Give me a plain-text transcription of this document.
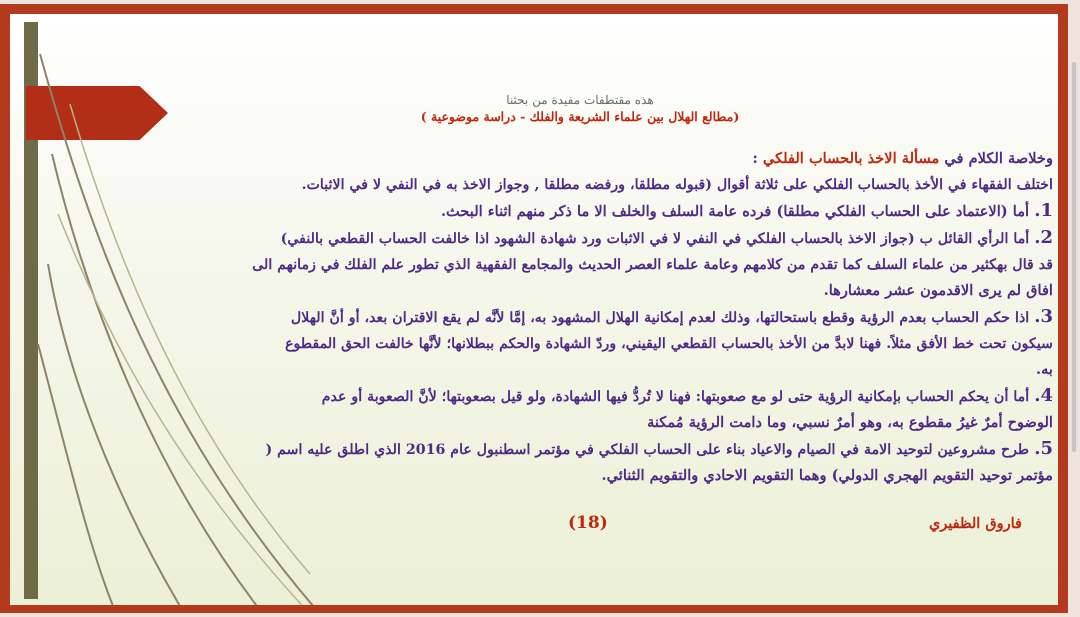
هذه مقتطفات مفيدة من بحثنا
(مطالع الهلال بين علماء الشريعة والفلك - دراسة موضوعية )
وخلاصة الكلام في مسألة الاخذ بالحساب الفلكي :
اختلف الفقهاء في الأخذ بالحساب الفلكي على ثلاثة أقوال (قبوله مطلقا، ورفضه مطلقا , وجواز الاخذ به في النفي لا في الاثبات.
1. أما (الاعتماد على الحساب الفلكي مطلقا) فرده عامة السلف والخلف الا ما ذكر منهم اثناء البحث.
2. أما الرأي القائل ب (جواز الاخذ بالحساب الفلكي في النفي لا في الاثبات ورد شهادة الشهود اذا خالفت الحساب القطعي بالنفي)
قد قال بهكثير من علماء السلف كما تقدم من كلامهم وعامة علماء العصر الحديث والمجامع الفقهية الذي تطور علم الفلك في زمانهم الى
افاق لم يرى الاقدمون عشر معشارها.
3. اذا حكم الحساب بعدم الرؤية وقطع باستحالتها، وذلك لعدم إمكانية الهلال المشهود به، إمَّا لأنَّه لم يقع الاقتران بعد، أو أنَّ الهلال
سيكون تحت خط الأفق مثلاً. فهنا لابدَّ من الأخذ بالحساب القطعي اليقيني، وردّ الشهادة والحكم ببطلانها؛ لأنَّها خالفت الحق المقطوع
به.
4. أما أن يحكم الحساب بإمكانية الرؤية حتى لو مع صعوبتها: فهنا لا تُردُّ فيها الشهادة، ولو قيل بصعوبتها؛ لأنَّ الصعوبة أو عدم
الوضوح أمرٌ غيرُ مقطوع به، وهو أمرٌ نسبي، وما دامت الرؤية مُمكنة
5. طرح مشروعين لتوحيد الامة في الصيام والاعياد بناء على الحساب الفلكي في مؤتمر اسطنبول عام 2016 الذي اطلق عليه اسم (
مؤتمر توحيد التقويم الهجري الدولي) وهما التقويم الاحادي والتقويم الثنائي.
فاروق الظفيري
(18)
